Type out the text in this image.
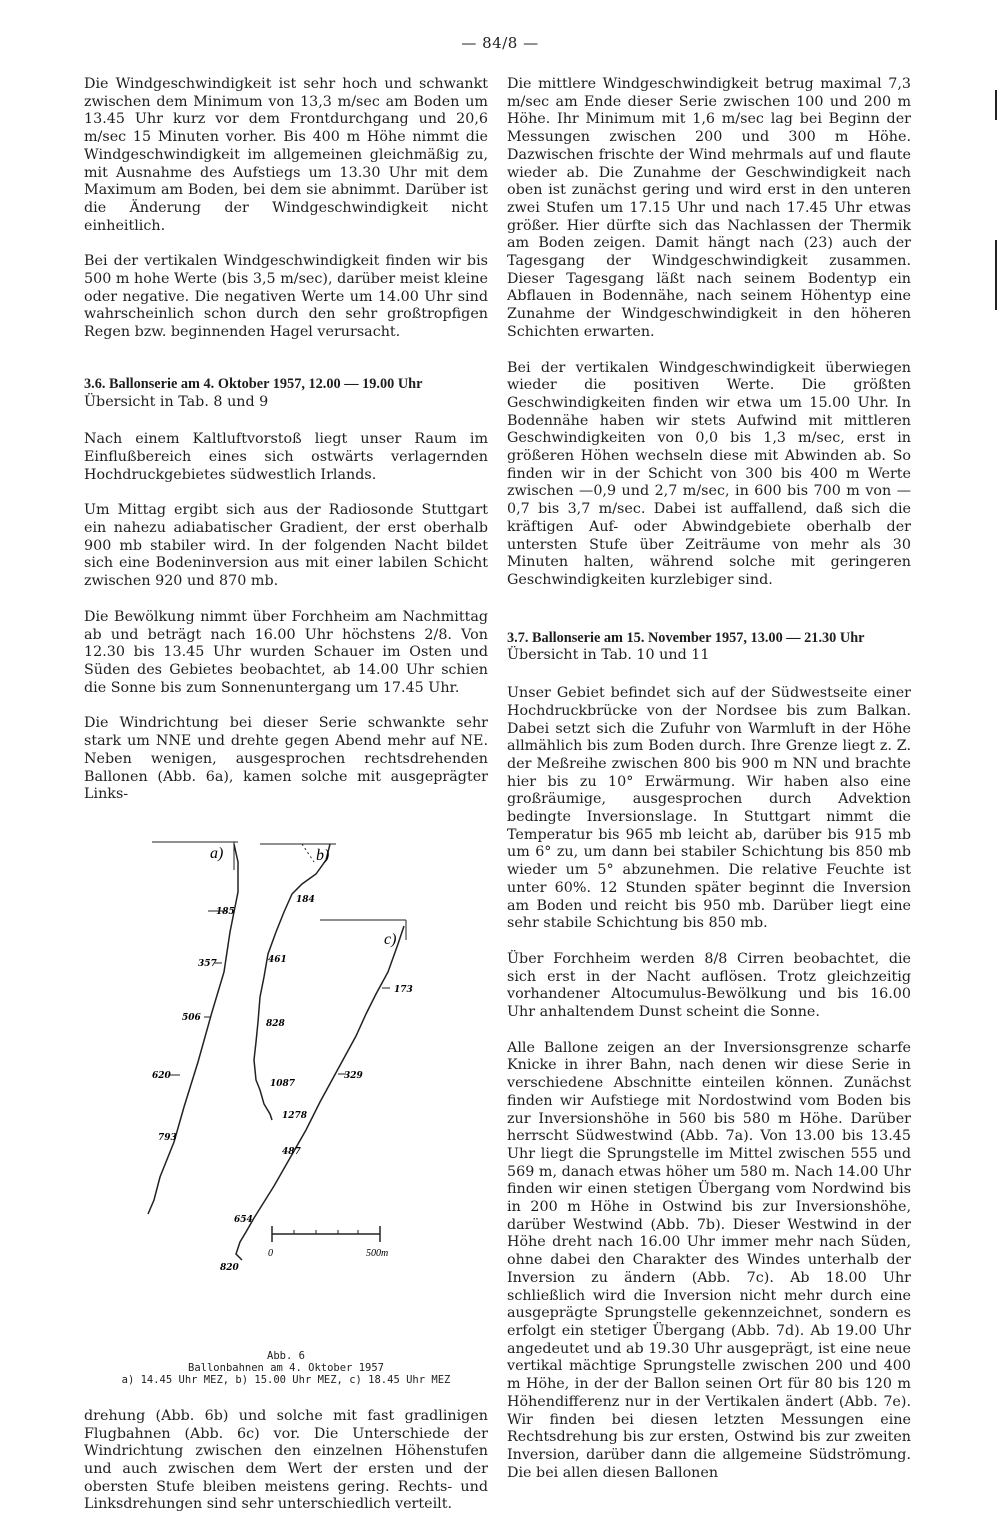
— 84/8 —

Die Windgeschwindigkeit ist sehr hoch und schwankt zwischen dem Minimum von 13,3 m/sec am Boden um 13.45 Uhr kurz vor dem Frontdurchgang und 20,6 m/sec 15 Minuten vorher. Bis 400 m Höhe nimmt die Windgeschwindigkeit im allgemeinen gleichmäßig zu, mit Ausnahme des Aufstiegs um 13.30 Uhr mit dem Maximum am Boden, bei dem sie abnimmt. Darüber ist die Änderung der Windgeschwindigkeit nicht einheitlich.

Bei der vertikalen Windgeschwindigkeit finden wir bis 500 m hohe Werte (bis 3,5 m/sec), darüber meist kleine oder negative. Die negativen Werte um 14.00 Uhr sind wahrscheinlich schon durch den sehr großtropfigen Regen bzw. beginnenden Hagel verursacht.

3.6. Ballonserie am 4. Oktober 1957, 12.00 — 19.00 Uhr
Übersicht in Tab. 8 und 9

Nach einem Kaltluftvorstoß liegt unser Raum im Einflußbereich eines sich ostwärts verlagernden Hochdruckgebietes südwestlich Irlands.

Um Mittag ergibt sich aus der Radiosonde Stuttgart ein nahezu adiabatischer Gradient, der erst oberhalb 900 mb stabiler wird. In der folgenden Nacht bildet sich eine Bodeninversion aus mit einer labilen Schicht zwischen 920 und 870 mb.

Die Bewölkung nimmt über Forchheim am Nachmittag ab und beträgt nach 16.00 Uhr höchstens 2/8. Von 12.30 bis 13.45 Uhr wurden Schauer im Osten und Süden des Gebietes beobachtet, ab 14.00 Uhr schien die Sonne bis zum Sonnenuntergang um 17.45 Uhr.

Die Windrichtung bei dieser Serie schwankte sehr stark um NNE und drehte gegen Abend mehr auf NE. Neben wenigen, ausgesprochen rechtsdrehenden Ballonen (Abb. 6a), kamen solche mit ausgeprägter Links-

a)
185
357
506
620
793
b)
184
461
828
1087
1278
c)
173
329
487
654
820
0	500m
Abb. 6
Ballonbahnen am 4. Oktober 1957
a) 14.45 Uhr MEZ, b) 15.00 Uhr MEZ, c) 18.45 Uhr MEZ

drehung (Abb. 6b) und solche mit fast gradlinigen Flugbahnen (Abb. 6c) vor. Die Unterschiede der Windrichtung zwischen den einzelnen Höhenstufen und auch zwischen dem Wert der ersten und der obersten Stufe bleiben meistens gering. Rechts- und Linksdrehungen sind sehr unterschiedlich verteilt.

Die mittlere Windgeschwindigkeit betrug maximal 7,3 m/sec am Ende dieser Serie zwischen 100 und 200 m Höhe. Ihr Minimum mit 1,6 m/sec lag bei Beginn der Messungen zwischen 200 und 300 m Höhe. Dazwischen frischte der Wind mehrmals auf und flaute wieder ab. Die Zunahme der Geschwindigkeit nach oben ist zunächst gering und wird erst in den unteren zwei Stufen um 17.15 Uhr und nach 17.45 Uhr etwas größer. Hier dürfte sich das Nachlassen der Thermik am Boden zeigen. Damit hängt nach (23) auch der Tagesgang der Windgeschwindigkeit zusammen. Dieser Tagesgang läßt nach seinem Bodentyp ein Abflauen in Bodennähe, nach seinem Höhentyp eine Zunahme der Windgeschwindigkeit in den höheren Schichten erwarten.

Bei der vertikalen Windgeschwindigkeit überwiegen wieder die positiven Werte. Die größten Geschwindigkeiten finden wir etwa um 15.00 Uhr. In Bodennähe haben wir stets Aufwind mit mittleren Geschwindigkeiten von 0,0 bis 1,3 m/sec, erst in größeren Höhen wechseln diese mit Abwinden ab. So finden wir in der Schicht von 300 bis 400 m Werte zwischen —0,9 und 2,7 m/sec, in 600 bis 700 m von —0,7 bis 3,7 m/sec. Dabei ist auffallend, daß sich die kräftigen Auf- oder Abwindgebiete oberhalb der untersten Stufe über Zeiträume von mehr als 30 Minuten halten, während solche mit geringeren Geschwindigkeiten kurzlebiger sind.

3.7. Ballonserie am 15. November 1957, 13.00 — 21.30 Uhr
Übersicht in Tab. 10 und 11

Unser Gebiet befindet sich auf der Südwestseite einer Hochdruckbrücke von der Nordsee bis zum Balkan. Dabei setzt sich die Zufuhr von Warmluft in der Höhe allmählich bis zum Boden durch. Ihre Grenze liegt z. Z. der Meßreihe zwischen 800 bis 900 m NN und brachte hier bis zu 10° Erwärmung. Wir haben also eine großräumige, ausgesprochen durch Advektion bedingte Inversionslage. In Stuttgart nimmt die Temperatur bis 965 mb leicht ab, darüber bis 915 mb um 6° zu, um dann bei stabiler Schichtung bis 850 mb wieder um 5° abzunehmen. Die relative Feuchte ist unter 60%. 12 Stunden später beginnt die Inversion am Boden und reicht bis 950 mb. Darüber liegt eine sehr stabile Schichtung bis 850 mb.

Über Forchheim werden 8/8 Cirren beobachtet, die sich erst in der Nacht auflösen. Trotz gleichzeitig vorhandener Altocumulus-Bewölkung und bis 16.00 Uhr anhaltendem Dunst scheint die Sonne.

Alle Ballone zeigen an der Inversionsgrenze scharfe Knicke in ihrer Bahn, nach denen wir diese Serie in verschiedene Abschnitte einteilen können. Zunächst finden wir Aufstiege mit Nordostwind vom Boden bis zur Inversionshöhe in 560 bis 580 m Höhe. Darüber herrscht Südwestwind (Abb. 7a). Von 13.00 bis 13.45 Uhr liegt die Sprungstelle im Mittel zwischen 555 und 569 m, danach etwas höher um 580 m. Nach 14.00 Uhr finden wir einen stetigen Übergang vom Nordwind bis in 200 m Höhe in Ostwind bis zur Inversionshöhe, darüber Westwind (Abb. 7b). Dieser Westwind in der Höhe dreht nach 16.00 Uhr immer mehr nach Süden, ohne dabei den Charakter des Windes unterhalb der Inversion zu ändern (Abb. 7c). Ab 18.00 Uhr schließlich wird die Inversion nicht mehr durch eine ausgeprägte Sprungstelle gekennzeichnet, sondern es erfolgt ein stetiger Übergang (Abb. 7d). Ab 19.00 Uhr angedeutet und ab 19.30 Uhr ausgeprägt, ist eine neue vertikal mächtige Sprungstelle zwischen 200 und 400 m Höhe, in der der Ballon seinen Ort für 80 bis 120 m Höhendifferenz nur in der Vertikalen ändert (Abb. 7e). Wir finden bei diesen letzten Messungen eine Rechtsdrehung bis zur ersten, Ostwind bis zur zweiten Inversion, darüber dann die allgemeine Südströmung. Die bei allen diesen Ballonen
